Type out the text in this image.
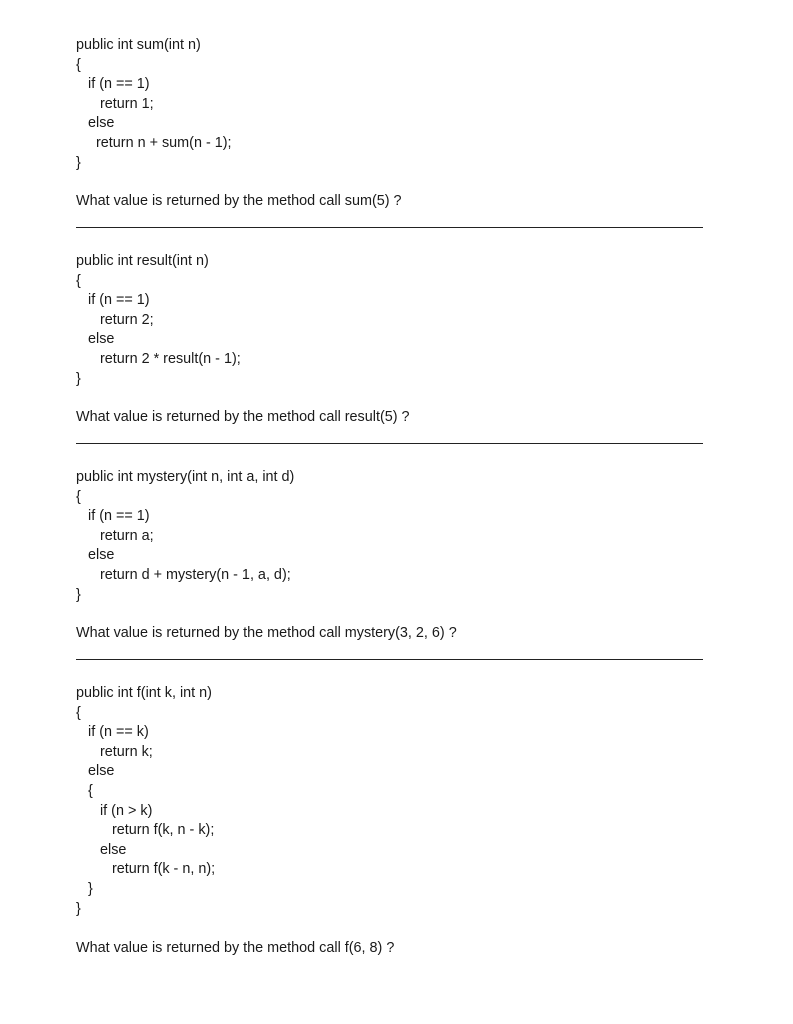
public int sum(int n)
{
if (n == 1)
return 1;
else
return n + sum(n - 1);
}
What value is returned by the method call sum(5) ?
public int result(int n)
{
if (n == 1)
return 2;
else
return 2 * result(n - 1);
}
What value is returned by the method call result(5) ?
public int mystery(int n, int a, int d)
{
if (n == 1)
return a;
else
return d + mystery(n - 1, a, d);
}
What value is returned by the method call mystery(3, 2, 6) ?
public int f(int k, int n)
{
if (n == k)
return k;
else
{
if (n > k)
return f(k, n - k);
else
return f(k - n, n);
}
}
What value is returned by the method call f(6, 8) ?
